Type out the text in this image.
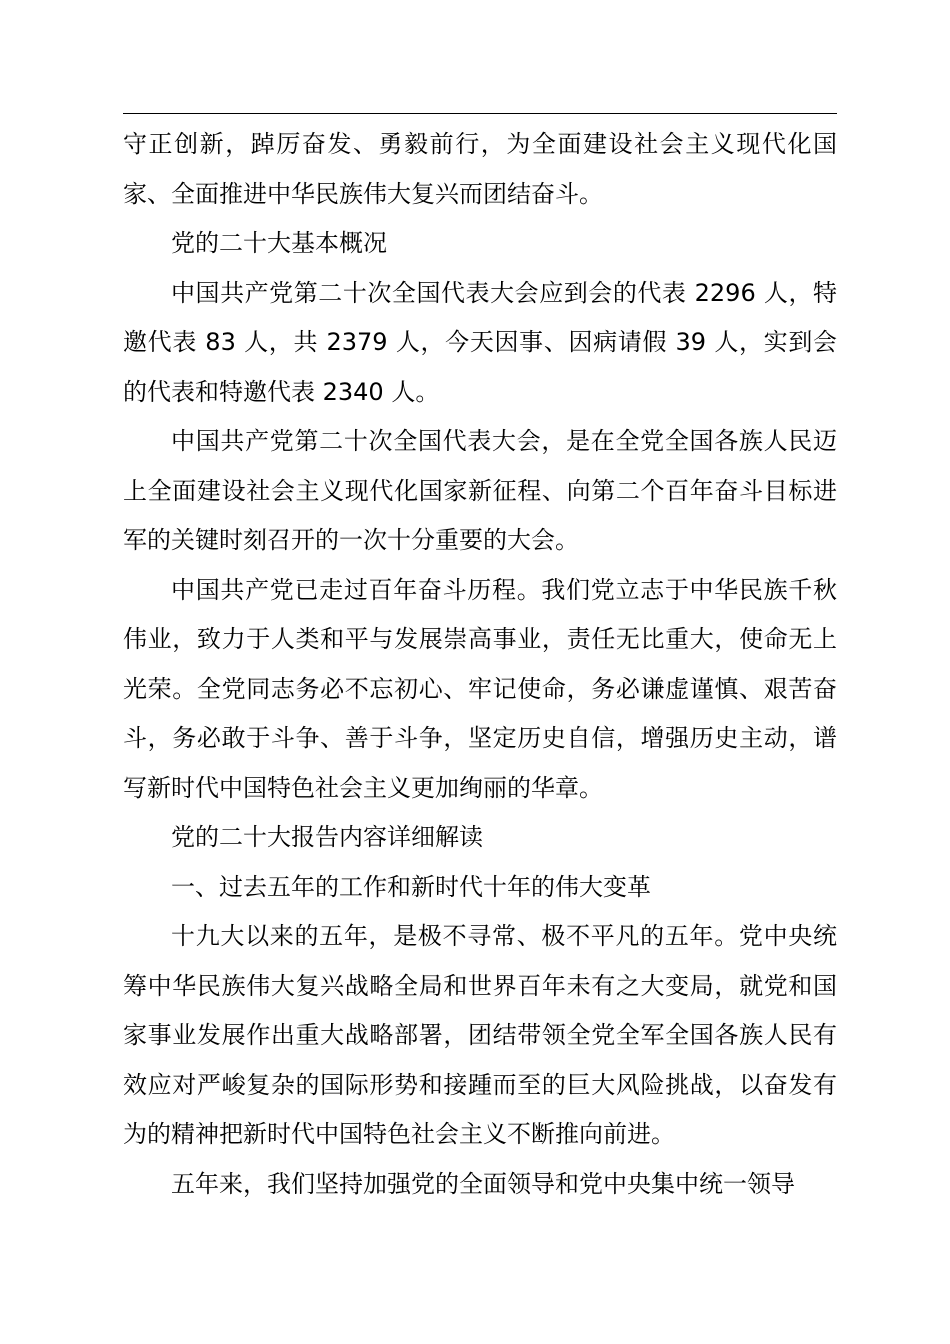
守正创新，踔厉奋发、勇毅前行，为全面建设社会主义现代化国家、全面推进中华民族伟大复兴而团结奋斗。

党的二十大基本概况

中国共产党第二十次全国代表大会应到会的代表 2296 人，特邀代表 83 人，共 2379 人，今天因事、因病请假 39 人，实到会的代表和特邀代表 2340 人。

中国共产党第二十次全国代表大会，是在全党全国各族人民迈上全面建设社会主义现代化国家新征程、向第二个百年奋斗目标进军的关键时刻召开的一次十分重要的大会。

中国共产党已走过百年奋斗历程。我们党立志于中华民族千秋伟业，致力于人类和平与发展崇高事业，责任无比重大，使命无上光荣。全党同志务必不忘初心、牢记使命，务必谦虚谨慎、艰苦奋斗，务必敢于斗争、善于斗争，坚定历史自信，增强历史主动，谱写新时代中国特色社会主义更加绚丽的华章。

党的二十大报告内容详细解读

一、过去五年的工作和新时代十年的伟大变革

十九大以来的五年，是极不寻常、极不平凡的五年。党中央统筹中华民族伟大复兴战略全局和世界百年未有之大变局，就党和国家事业发展作出重大战略部署，团结带领全党全军全国各族人民有效应对严峻复杂的国际形势和接踵而至的巨大风险挑战，以奋发有为的精神把新时代中国特色社会主义不断推向前进。

五年来，我们坚持加强党的全面领导和党中央集中统一领导
